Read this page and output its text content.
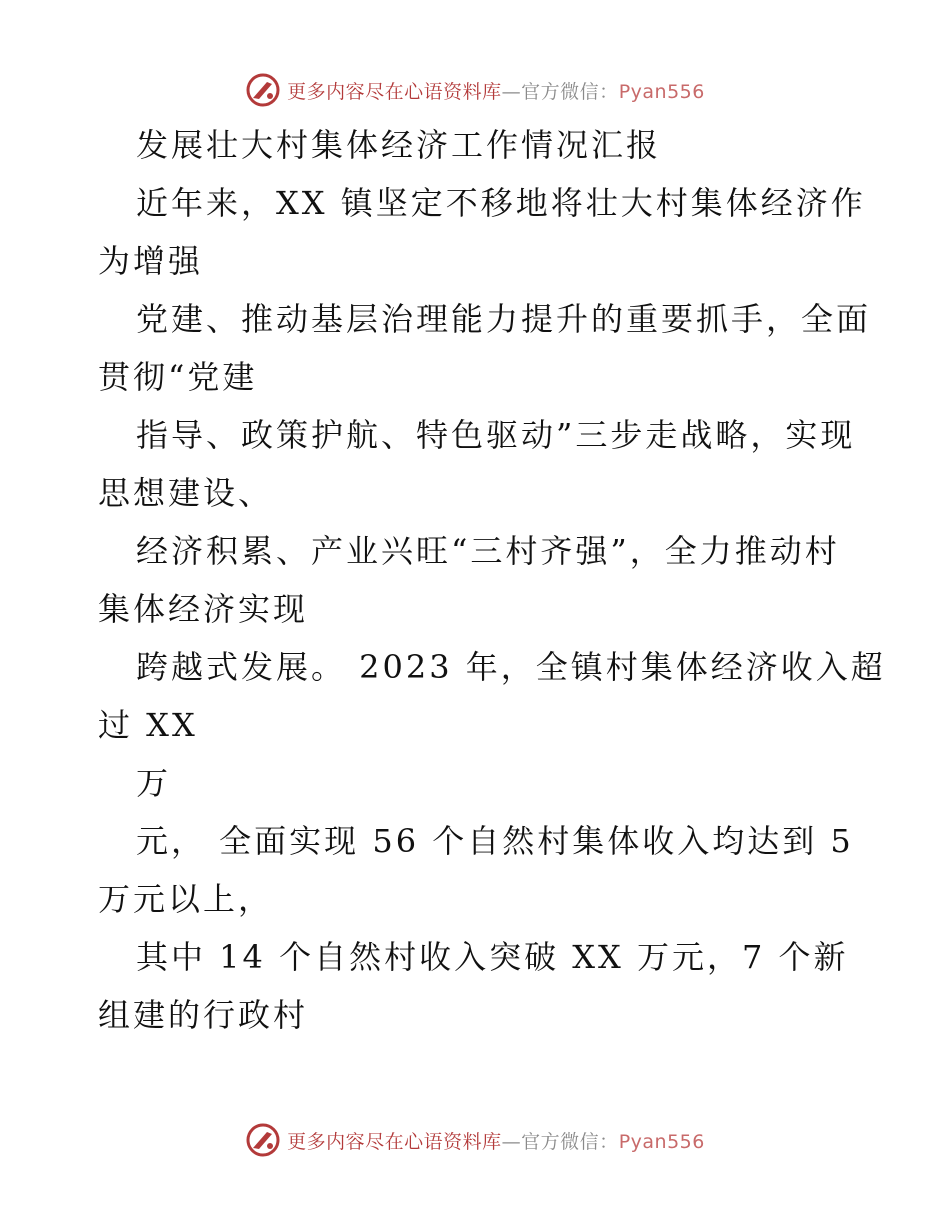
更多内容尽在心语资料库—官方微信：Pyan556
发展壮大村集体经济工作情况汇报
近年来，XX 镇坚定不移地将壮大村集体经济作
为增强
党建、推动基层治理能力提升的重要抓手，全面
贯彻“党建
指导、政策护航、特色驱动”三步走战略，实现
思想建设、
经济积累、产业兴旺“三村齐强”，全力推动村
集体经济实现
跨越式发展。 2023 年，全镇村集体经济收入超
过 XX
万
元， 全面实现 56 个自然村集体收入均达到 5
万元以上，
其中 14 个自然村收入突破 XX 万元，7 个新
组建的行政村
更多内容尽在心语资料库—官方微信：Pyan556
